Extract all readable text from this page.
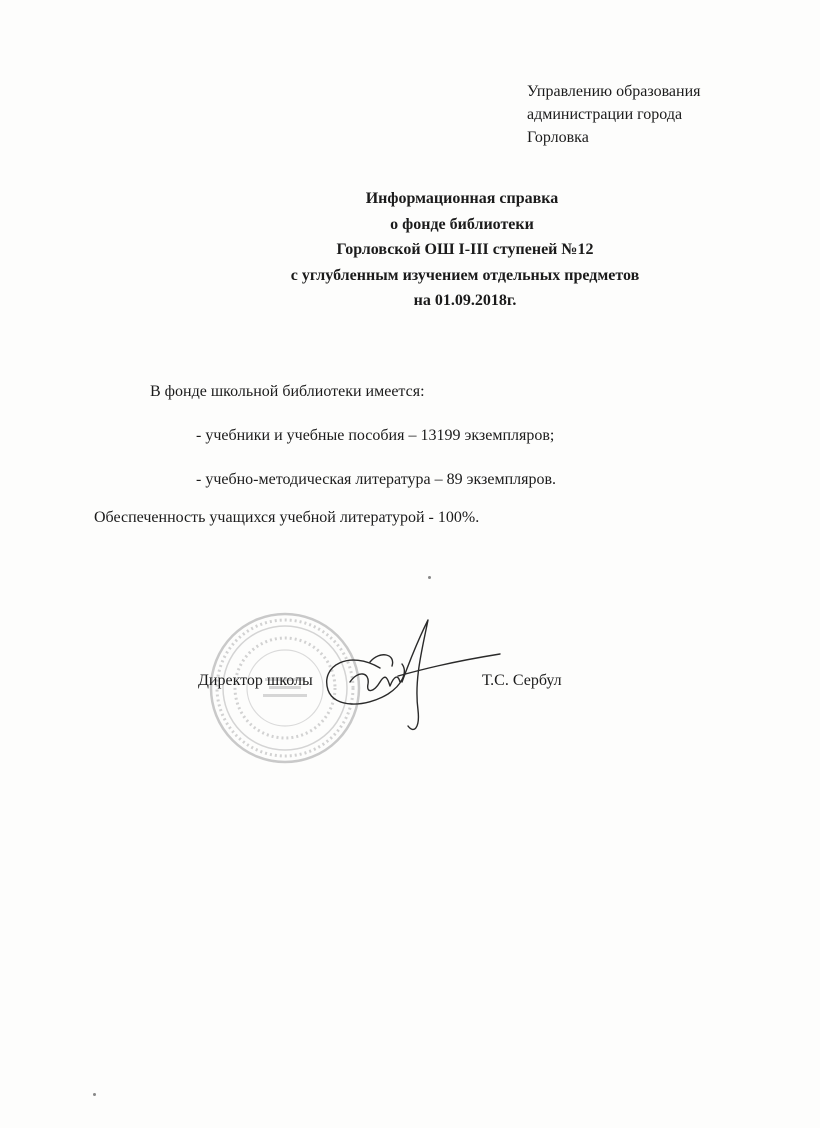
Управлению образования
администрации города
Горловка
Информационная справка
о фонде библиотеки
Горловской ОШ I-III ступеней №12
с углубленным изучением отдельных предметов
на 01.09.2018г.
В фонде школьной библиотеки имеется:
- учебники и учебные пособия – 13199 экземпляров;
- учебно-методическая литература – 89 экземпляров.
Обеспеченность учащихся учебной литературой - 100%.
Директор школы	Т.С. Сербул
